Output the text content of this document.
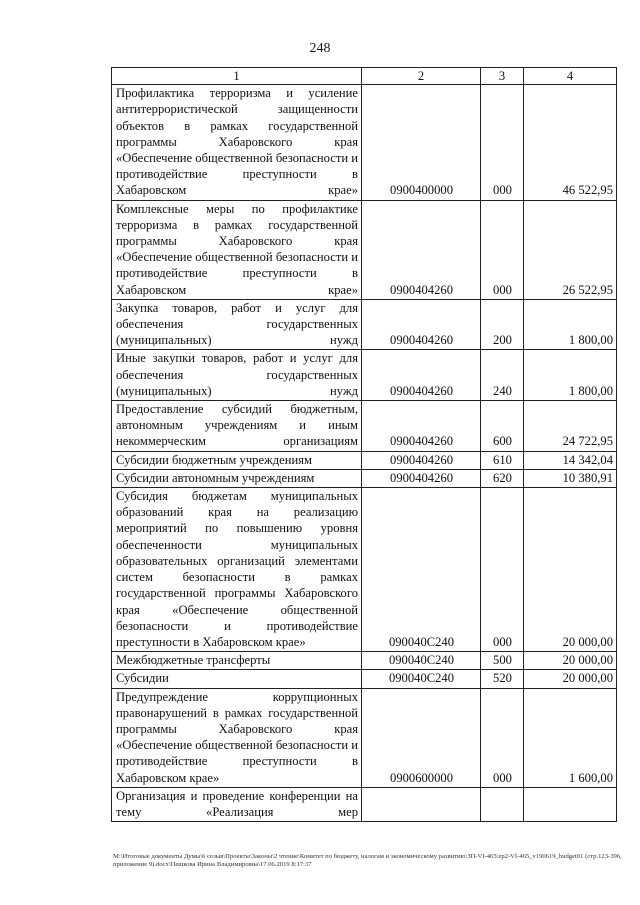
248
1	2	3	4
Профилактика терроризма и усиление антитеррористической защищенности объектов в рамках государственной программы Хабаровского края «Обеспечение общественной безопасности и противодействие преступности в Хабаровском крае»	0900400000	000	46 522,95
Комплексные меры по профилактике терроризма в рамках государственной программы Хабаровского края «Обеспечение общественной безопасности и противодействие преступности в Хабаровском крае»	0900404260	000	26 522,95
Закупка товаров, работ и услуг для обеспечения государственных (муниципальных) нужд	0900404260	200	1 800,00
Иные закупки товаров, работ и услуг для обеспечения государственных (муниципальных) нужд	0900404260	240	1 800,00
Предоставление субсидий бюджетным, автономным учреждениям и иным некоммерческим организациям	0900404260	600	24 722,95
Субсидии бюджетным учреждениям	0900404260	610	14 342,04
Субсидии автономным учреждениям	0900404260	620	10 380,91
Субсидия бюджетам муниципальных образований края на реализацию мероприятий по повышению уровня обеспеченности муниципальных образовательных организаций элементами систем безопасности в рамках государственной программы Хабаровского края «Обеспечение общественной безопасности и противодействие преступности в Хабаровском крае»	090040С240	000	20 000,00
Межбюджетные трансферты	090040С240	500	20 000,00
Субсидии	090040С240	520	20 000,00
Предупреждение коррупционных правонарушений в рамках государственной программы Хабаровского края «Обеспечение общественной безопасности и противодействие преступности в Хабаровском крае»	0900600000	000	1 600,00
Организация и проведение конференции на тему «Реализация мер			
М:\Итоговые документы Думы\6 созыв\Проекты\Законы\2 чтение\Комитет по бюджету, налогам и экономическому развитию\ЗП-VI-465\zp2-VI-465_v190619_budget01 (стр.123-396, приложение 9).docx\Пешкова Ирина Владимировна\17.06.2019 8:17:37
